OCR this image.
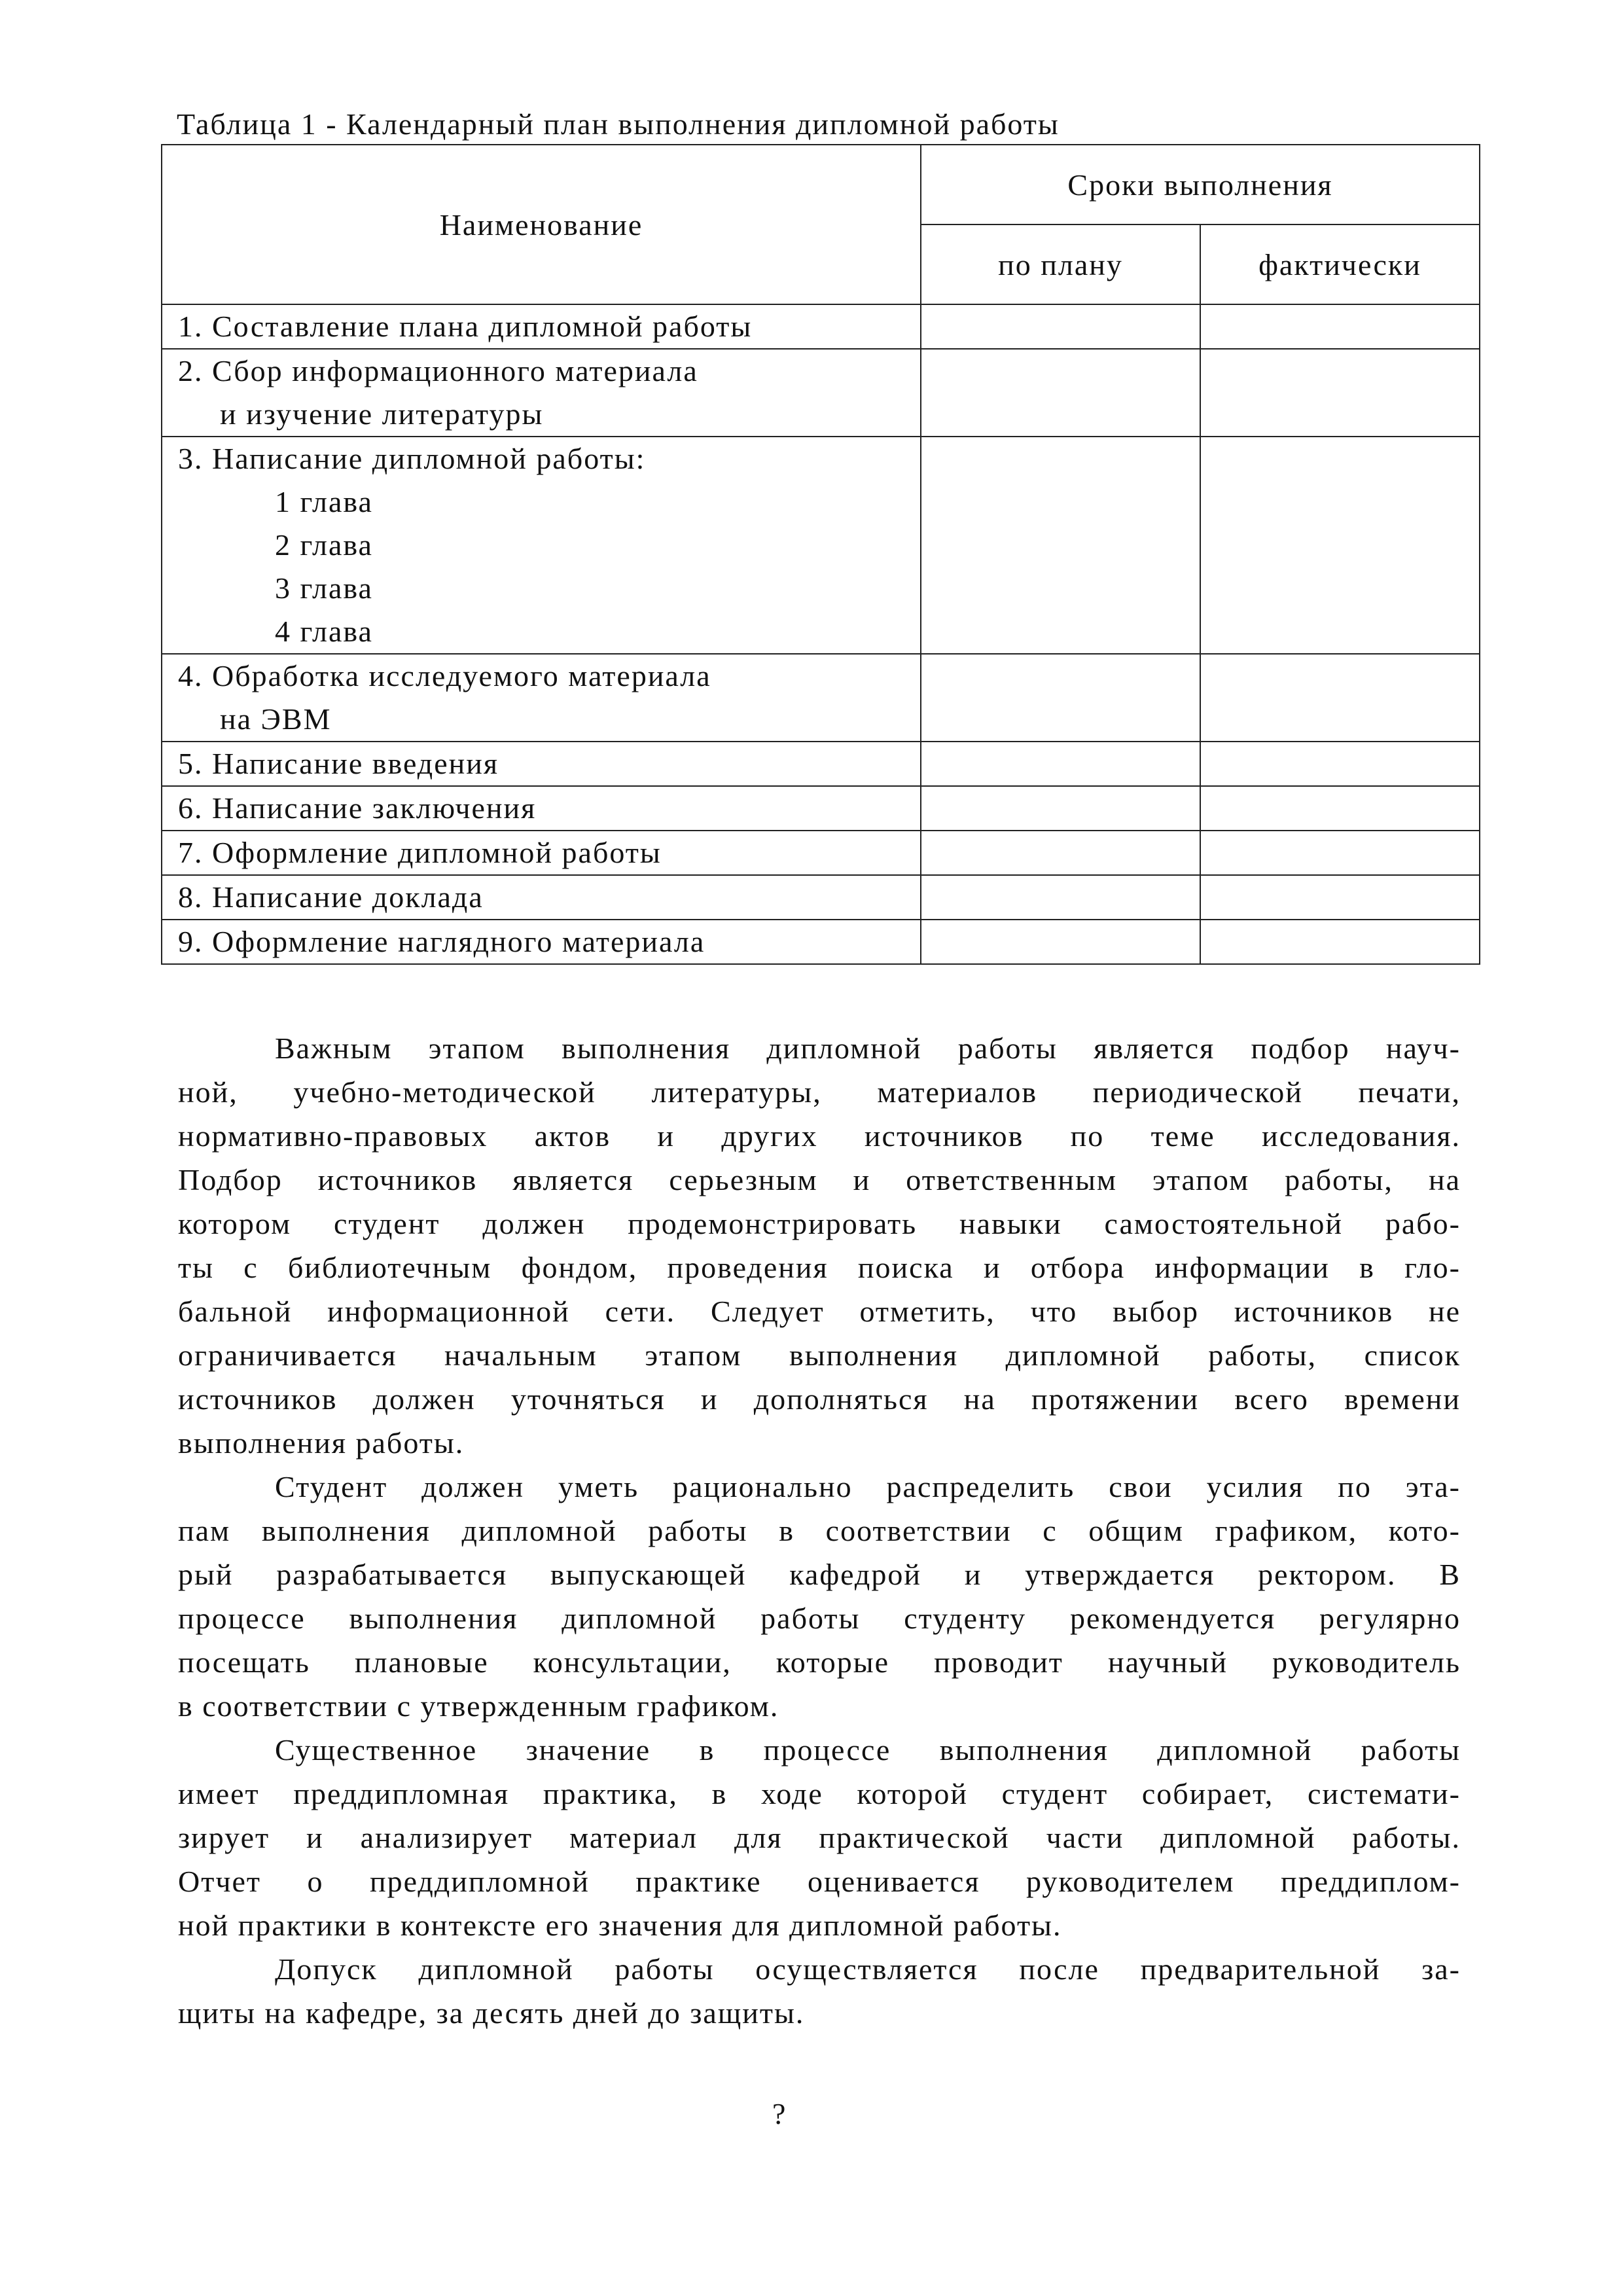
Таблица 1 - Календарный план выполнения дипломной работы
Наименование	Сроки выполнения	
	по плану	фактически

1. Составление плана дипломной работы		

2. Сбор информационного материала
и изучение литературы		

3. Написание дипломной работы:
1 глава
2 глава
3 глава
4 глава		

4. Обработка исследуемого материала
на ЭВМ		

5. Написание введения		

6. Написание заключения		

7. Оформление дипломной работы		

8. Написание доклада		

9. Оформление наглядного материала		

Важным этапом выполнения дипломной работы является подбор науч-
ной, учебно-методической литературы, материалов периодической печати,
нормативно-правовых актов и других источников по теме исследования.
Подбор источников является серьезным и ответственным этапом работы, на
котором студент должен продемонстрировать навыки самостоятельной рабо-
ты с библиотечным фондом, проведения поиска и отбора информации в гло-
бальной информационной сети. Следует отметить, что выбор источников не
ограничивается начальным этапом выполнения дипломной работы, список
источников должен уточняться и дополняться на протяжении всего времени
выполнения работы.

Студент должен уметь рационально распределить свои усилия по эта-
пам выполнения дипломной работы в соответствии с общим графиком, кото-
рый разрабатывается выпускающей кафедрой и утверждается ректором. В
процессе выполнения дипломной работы студенту рекомендуется регулярно
посещать плановые консультации, которые проводит научный руководитель
в соответствии с утвержденным графиком.

Существенное значение в процессе выполнения дипломной работы
имеет преддипломная практика, в ходе которой студент собирает, системати-
зирует и анализирует материал для практической части дипломной работы.
Отчет о преддипломной практике оценивается руководителем преддиплом-
ной практики в контексте его значения для дипломной работы.

Допуск дипломной работы осуществляется после предварительной за-
щиты на кафедре, за десять дней до защиты.

?
